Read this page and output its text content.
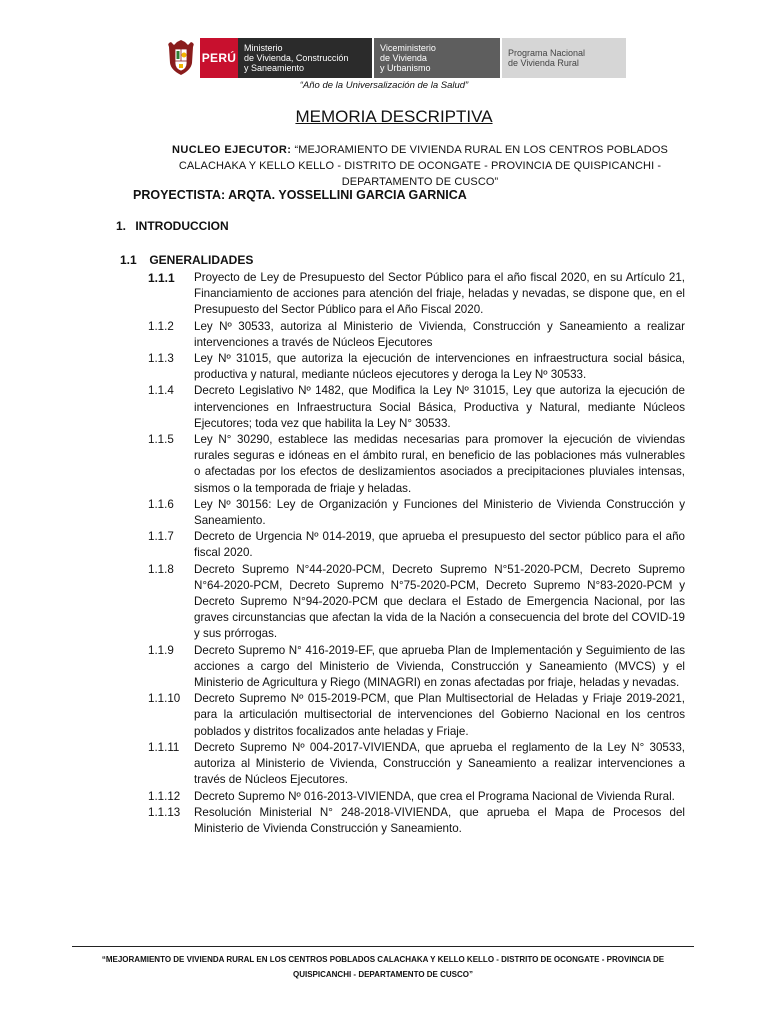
PERÚ
Ministerio
de Vivienda, Construcción
y Saneamiento
Viceministerio
de Vivienda
y Urbanismo
Programa Nacional
de Vivienda Rural
“Año de la Universalización de la Salud”
MEMORIA DESCRIPTIVA
NUCLEO EJECUTOR: “MEJORAMIENTO DE VIVIENDA RURAL EN LOS CENTROS POBLADOS CALACHAKA Y KELLO KELLO - DISTRITO DE OCONGATE - PROVINCIA DE QUISPICANCHI - DEPARTAMENTO DE CUSCO”
PROYECTISTA: ARQTA. YOSSELLINI GARCIA GARNICA
1. INTRODUCCION
1.1 GENERALIDADES
1.1.1	Proyecto de Ley de Presupuesto del Sector Público para el año fiscal 2020, en su Artículo 21, Financiamiento de acciones para atención del friaje, heladas y nevadas, se dispone que, en el Presupuesto del Sector Público para el Año Fiscal 2020.
1.1.2	Ley Nº 30533, autoriza al Ministerio de Vivienda, Construcción y Saneamiento a realizar intervenciones a través de Núcleos Ejecutores
1.1.3	Ley Nº 31015, que autoriza la ejecución de intervenciones en infraestructura social básica, productiva y natural, mediante núcleos ejecutores y deroga la Ley Nº 30533.
1.1.4	Decreto Legislativo Nº 1482, que Modifica la Ley Nº 31015, Ley que autoriza la ejecución de intervenciones en Infraestructura Social Básica, Productiva y Natural, mediante Núcleos Ejecutores; toda vez que habilita la Ley N° 30533.
1.1.5	Ley N° 30290, establece las medidas necesarias para promover la ejecución de viviendas rurales seguras e idóneas en el ámbito rural, en beneficio de las poblaciones más vulnerables o afectadas por los efectos de deslizamientos asociados a precipitaciones pluviales intensas, sismos o la temporada de friaje y heladas.
1.1.6	Ley Nº 30156: Ley de Organización y Funciones del Ministerio de Vivienda Construcción y Saneamiento.
1.1.7	Decreto de Urgencia Nº 014-2019, que aprueba el presupuesto del sector público para el año fiscal 2020.
1.1.8	Decreto Supremo N°44-2020-PCM, Decreto Supremo N°51-2020-PCM, Decreto Supremo N°64-2020-PCM, Decreto Supremo N°75-2020-PCM, Decreto Supremo N°83-2020-PCM y Decreto Supremo N°94-2020-PCM que declara el Estado de Emergencia Nacional, por las graves circunstancias que afectan la vida de la Nación a consecuencia del brote del COVID-19 y sus prórrogas.
1.1.9	Decreto Supremo N° 416-2019-EF, que aprueba Plan de Implementación y Seguimiento de las acciones a cargo del Ministerio de Vivienda, Construcción y Saneamiento (MVCS) y el Ministerio de Agricultura y Riego (MINAGRI) en zonas afectadas por friaje, heladas y nevadas.
1.1.10	Decreto Supremo Nº 015-2019-PCM, que Plan Multisectorial de Heladas y Friaje 2019-2021, para la articulación multisectorial de intervenciones del Gobierno Nacional en los centros poblados y distritos focalizados ante heladas y Friaje.
1.1.11	Decreto Supremo Nº 004-2017-VIVIENDA, que aprueba el reglamento de la Ley N° 30533, autoriza al Ministerio de Vivienda, Construcción y Saneamiento a realizar intervenciones a través de Núcleos Ejecutores.
1.1.12	Decreto Supremo Nº 016-2013-VIVIENDA, que crea el Programa Nacional de Vivienda Rural.
1.1.13	Resolución Ministerial N° 248-2018-VIVIENDA, que aprueba el Mapa de Procesos del Ministerio de Vivienda Construcción y Saneamiento.
“MEJORAMIENTO DE VIVIENDA RURAL EN LOS CENTROS POBLADOS CALACHAKA Y KELLO KELLO - DISTRITO DE OCONGATE - PROVINCIA DE QUISPICANCHI - DEPARTAMENTO DE CUSCO”
